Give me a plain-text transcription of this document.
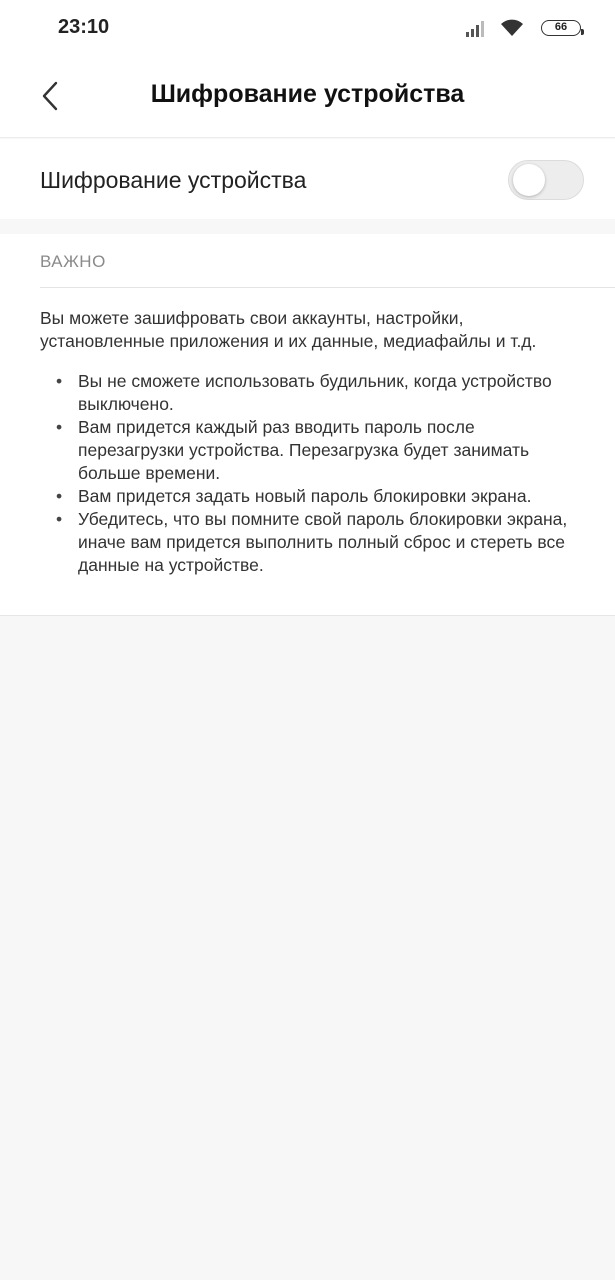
23:10	66
Шифрование устройства
Шифрование устройства
ВАЖНО

Вы можете зашифровать свои аккаунты, настройки, установленные приложения и их данные, медиафайлы и т.д.

• Вы не сможете использовать будильник, когда устройство выключено.
• Вам придется каждый раз вводить пароль после перезагрузки устройства. Перезагрузка будет занимать больше времени.
• Вам придется задать новый пароль блокировки экрана.
• Убедитесь, что вы помните свой пароль блокировки экрана, иначе вам придется выполнить полный сброс и стереть все данные на устройстве.
